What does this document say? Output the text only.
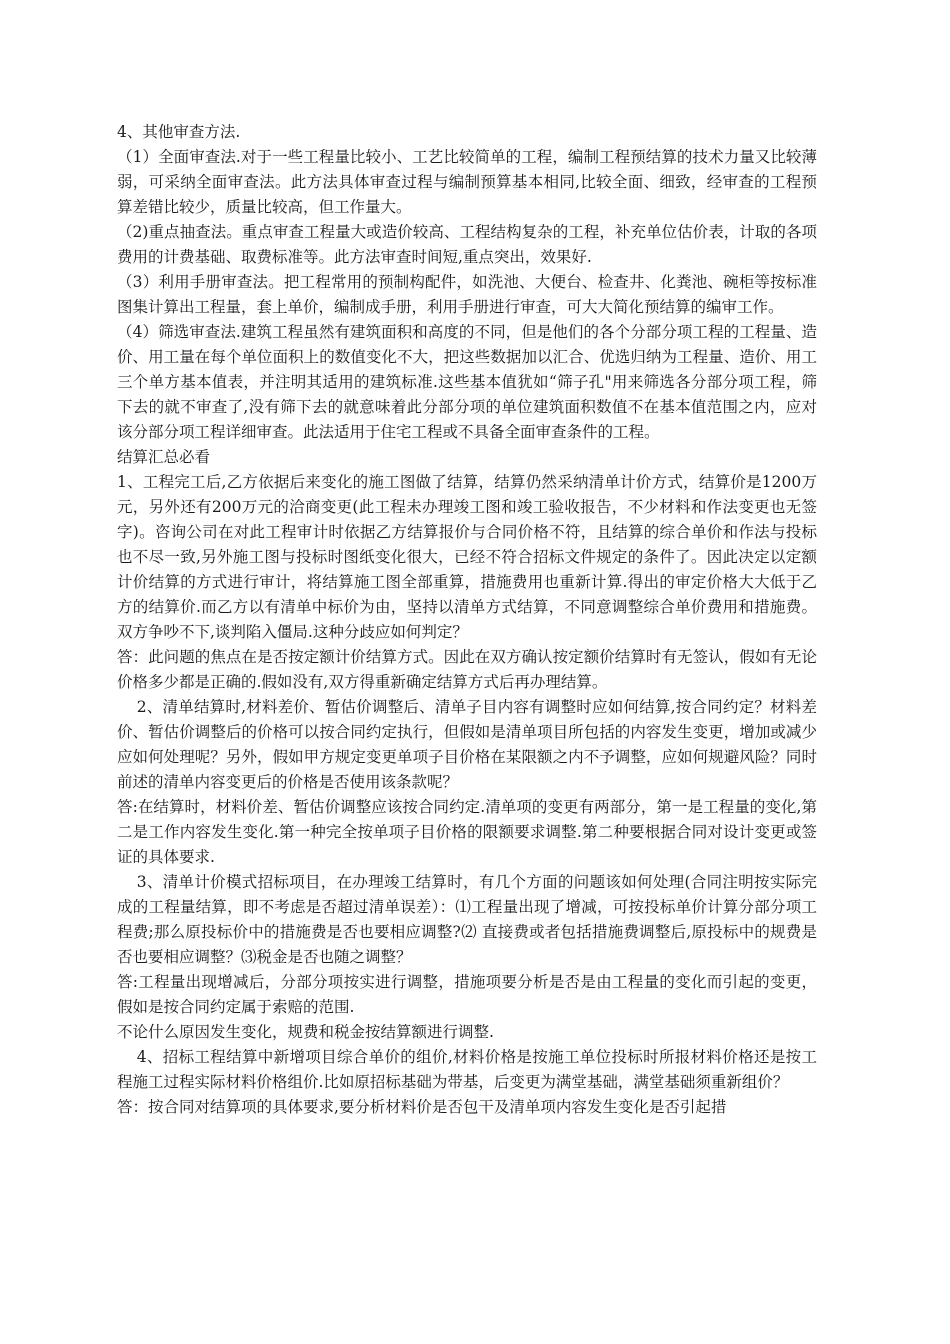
4、其他审查方法.

（1）全面审查法.对于一些工程量比较小、工艺比较简单的工程，编制工程预结算的技术力量又比较薄弱，可采纳全面审查法。此方法具体审查过程与编制预算基本相同,比较全面、细致，经审查的工程预算差错比较少，质量比较高，但工作量大。

（2)重点抽查法。重点审查工程量大或造价较高、工程结构复杂的工程，补充单位估价表，计取的各项费用的计费基础、取费标准等。此方法审查时间短,重点突出，效果好.

（3）利用手册审查法。把工程常用的预制构配件，如洗池、大便台、检查井、化粪池、碗柜等按标准图集计算出工程量，套上单价，编制成手册，利用手册进行审查，可大大简化预结算的编审工作。

（4）筛选审查法.建筑工程虽然有建筑面积和高度的不同，但是他们的各个分部分项工程的工程量、造价、用工量在每个单位面积上的数值变化不大，把这些数据加以汇合、优选归纳为工程量、造价、用工三个单方基本值表，并注明其适用的建筑标准.这些基本值犹如“筛子孔"用来筛选各分部分项工程，筛下去的就不审查了,没有筛下去的就意味着此分部分项的单位建筑面积数值不在基本值范围之内，应对该分部分项工程详细审查。此法适用于住宅工程或不具备全面审查条件的工程。

结算汇总必看

1、工程完工后,乙方依据后来变化的施工图做了结算，结算仍然采纳清单计价方式，结算价是1200万元，另外还有200万元的洽商变更(此工程未办理竣工图和竣工验收报告，不少材料和作法变更也无签字)。咨询公司在对此工程审计时依据乙方结算报价与合同价格不符，且结算的综合单价和作法与投标也不尽一致,另外施工图与投标时图纸变化很大，已经不符合招标文件规定的条件了。因此决定以定额计价结算的方式进行审计，将结算施工图全部重算，措施费用也重新计算.得出的审定价格大大低于乙方的结算价.而乙方以有清单中标价为由，坚持以清单方式结算，不同意调整综合单价费用和措施费。双方争吵不下,谈判陷入僵局.这种分歧应如何判定？

答：此问题的焦点在是否按定额计价结算方式。因此在双方确认按定额价结算时有无签认，假如有无论价格多少都是正确的.假如没有,双方得重新确定结算方式后再办理结算。

2、清单结算时,材料差价、暂估价调整后、清单子目内容有调整时应如何结算,按合同约定？材料差价、暂估价调整后的价格可以按合同约定执行，但假如是清单项目所包括的内容发生变更，增加或减少应如何处理呢？另外，假如甲方规定变更单项子目价格在某限额之内不予调整，应如何规避风险？同时前述的清单内容变更后的价格是否使用该条款呢？

答:在结算时，材料价差、暂估价调整应该按合同约定.清单项的变更有两部分，第一是工程量的变化,第二是工作内容发生变化.第一种完全按单项子目价格的限额要求调整.第二种要根据合同对设计变更或签证的具体要求.

3、清单计价模式招标项目，在办理竣工结算时，有几个方面的问题该如何处理(合同注明按实际完成的工程量结算，即不考虑是否超过清单误差）：⑴工程量出现了增减，可按投标单价计算分部分项工程费;那么原投标价中的措施费是否也要相应调整?⑵ 直接费或者包括措施费调整后,原投标中的规费是否也要相应调整？⑶税金是否也随之调整？

答:工程量出现增减后，分部分项按实进行调整，措施项要分析是否是由工程量的变化而引起的变更，假如是按合同约定属于索赔的范围.

不论什么原因发生变化，规费和税金按结算额进行调整.

4、招标工程结算中新增项目综合单价的组价,材料价格是按施工单位投标时所报材料价格还是按工程施工过程实际材料价格组价.比如原招标基础为带基，后变更为满堂基础，满堂基础须重新组价？

答：按合同对结算项的具体要求,要分析材料价是否包干及清单项内容发生变化是否引起措
